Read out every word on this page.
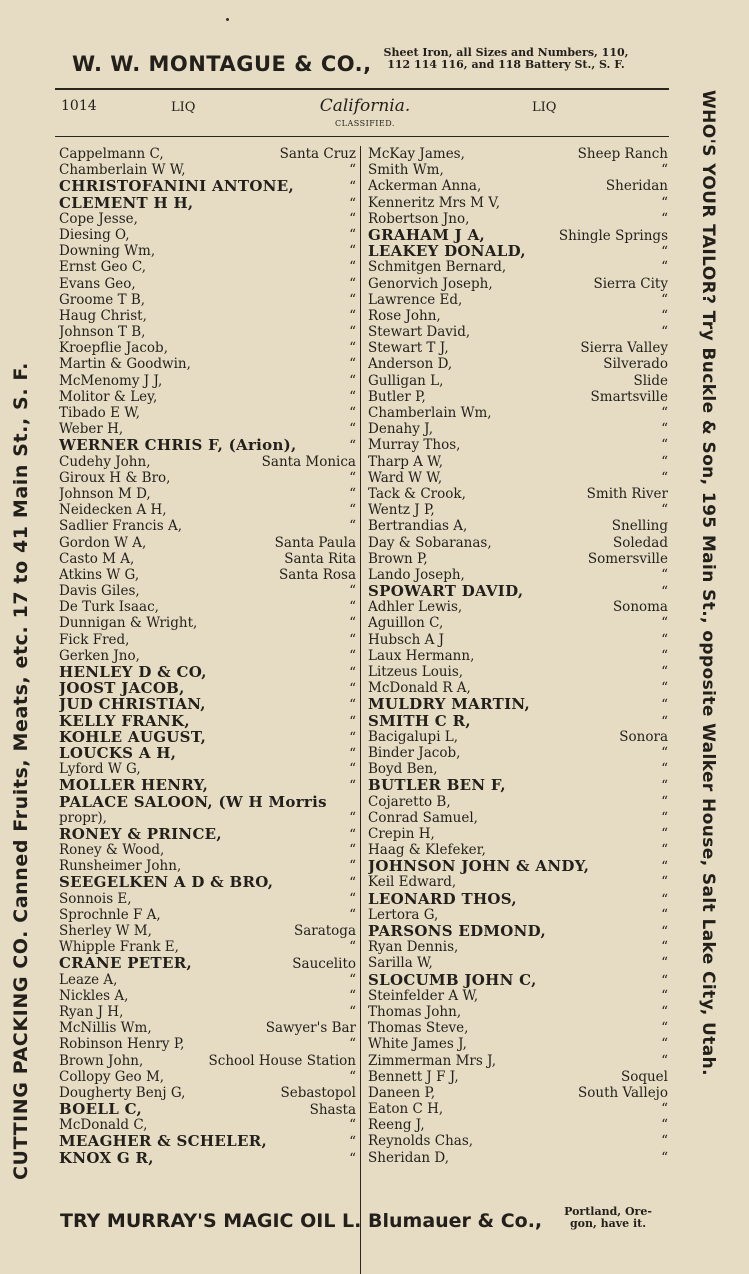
W. W. MONTAGUE & CO.,	Sheet Iron, all Sizes and Numbers, 110,
112 114 116, and 118 Battery St., S. F.
CUTTING PACKING CO. Canned Fruits, Meats, etc. 17 to 41 Main St., S. F.	WHO'S YOUR TAILOR? Try Buckle & Son, 195 Main St., opposite Walker House, Salt Lake City, Utah.
1014	LIQ	California.
CLASSIFIED.
LIQ
Cappelmann C,	Santa Cruz
Chamberlain W W,	“
CHRISTOFANINI ANTONE,	“
CLEMENT H H,	“
Cope Jesse,	“
Diesing O,	“
Downing Wm,	“
Ernst Geo C,	“
Evans Geo,	“
Groome T B,	“
Haug Christ,	“
Johnson T B,	“
Kroepflie Jacob,	“
Martin & Goodwin,	“
McMenomy J J,	“
Molitor & Ley,	“
Tibado E W,	“
Weber H,	“
WERNER CHRIS F, (Arion),	“
Cudehy John,	Santa Monica
Giroux H & Bro,	“
Johnson M D,	“
Neidecken A H,	“
Sadlier Francis A,	“
Gordon W A,	Santa Paula
Casto M A,	Santa Rita
Atkins W G,	Santa Rosa
Davis Giles,	“
De Turk Isaac,	“
Dunnigan & Wright,	“
Fick Fred,	“
Gerken Jno,	“
HENLEY D & CO,	“
JOOST JACOB,	“
JUD CHRISTIAN,	“
KELLY FRANK,	“
KOHLE AUGUST,	“
LOUCKS A H,	“
Lyford W G,	“
MOLLER HENRY,	“
PALACE SALOON, (W H Morris
propr),	“
RONEY & PRINCE,	“
Roney & Wood,	“
Runsheimer John,	“
SEEGELKEN A D & BRO,	“
Sonnois E,	“
Sprochnle F A,	“
Sherley W M,	Saratoga
Whipple Frank E,	“
CRANE PETER,	Saucelito
Leaze A,	“
Nickles A,	“
Ryan J H,	“
McNillis Wm,	Sawyer's Bar
Robinson Henry P,	“
Brown John,	School House Station
Collopy Geo M,	“
Dougherty Benj G,	Sebastopol
BOELL C,	Shasta
McDonald C,	“
MEAGHER & SCHELER,	“
KNOX G R,	“
McKay James,	Sheep Ranch
Smith Wm,	“
Ackerman Anna,	Sheridan
Kenneritz Mrs M V,	“
Robertson Jno,	“
GRAHAM J A,	Shingle Springs
LEAKEY DONALD,	“
Schmitgen Bernard,	“
Genorvich Joseph,	Sierra City
Lawrence Ed,	“
Rose John,	“
Stewart David,	“
Stewart T J,	Sierra Valley
Anderson D,	Silverado
Gulligan L,	Slide
Butler P,	Smartsville
Chamberlain Wm,	“
Denahy J,	“
Murray Thos,	“
Tharp A W,	“
Ward W W,	“
Tack & Crook,	Smith River
Wentz J P,	“
Bertrandias A,	Snelling
Day & Sobaranas,	Soledad
Brown P,	Somersville
Lando Joseph,	“
SPOWART DAVID,	“
Adhler Lewis,	Sonoma
Aguillon C,	“
Hubsch A J	“
Laux Hermann,	“
Litzeus Louis,	“
McDonald R A,	“
MULDRY MARTIN,	“
SMITH C R,	“
Bacigalupi L,	Sonora
Binder Jacob,	“
Boyd Ben,	“
BUTLER BEN F,	“
Cojaretto B,	“
Conrad Samuel,	“
Crepin H,	“
Haag & Klefeker,	“
JOHNSON JOHN & ANDY,	“
Keil Edward,	“
LEONARD THOS,	“
Lertora G,	“
PARSONS EDMOND,	“
Ryan Dennis,	“
Sarilla W,	“
SLOCUMB JOHN C,	“
Steinfelder A W,	“
Thomas John,	“
Thomas Steve,	“
White James J,	“
Zimmerman Mrs J,	“
Bennett J F J,	Soquel
Daneen P,	South Vallejo
Eaton C H,	“
Reeng J,	“
Reynolds Chas,	“
Sheridan D,	“
TRY MURRAY'S MAGIC OIL L. Blumauer & Co.,	Portland, Ore-
gon, have it.
